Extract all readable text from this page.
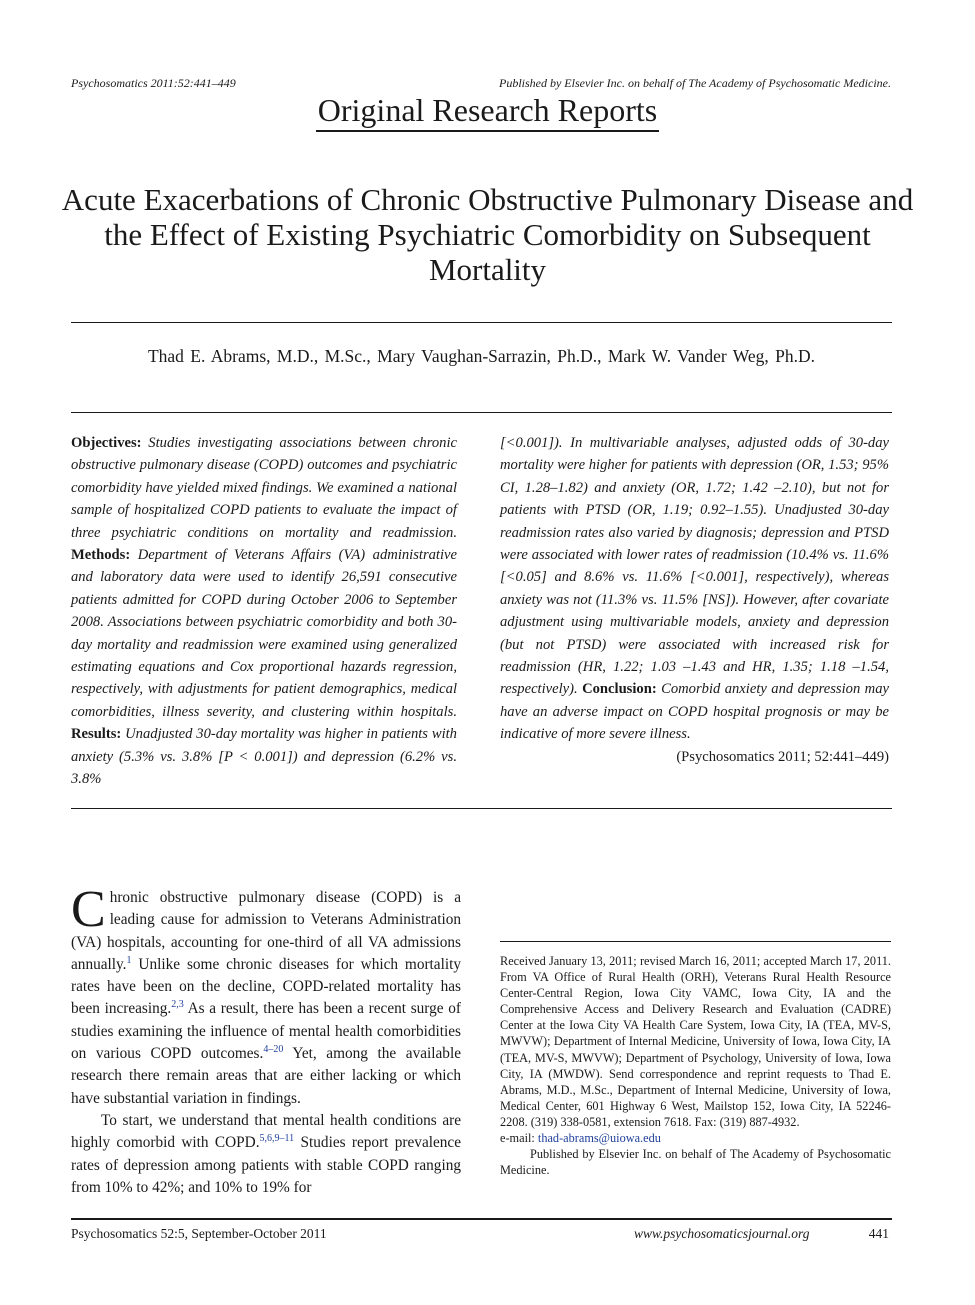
Psychosomatics 2011:52:441–449	Published by Elsevier Inc. on behalf of The Academy of Psychosomatic Medicine.
Original Research Reports
Acute Exacerbations of Chronic Obstructive Pulmonary Disease and the Effect of Existing Psychiatric Comorbidity on Subsequent Mortality
Thad E. Abrams, M.D., M.Sc., Mary Vaughan-Sarrazin, Ph.D., Mark W. Vander Weg, Ph.D.
Objectives: Studies investigating associations between chronic obstructive pulmonary disease (COPD) outcomes and psychiatric comorbidity have yielded mixed findings. We examined a national sample of hospitalized COPD patients to evaluate the impact of three psychiatric conditions on mortality and readmission. Methods: Department of Veterans Affairs (VA) administrative and laboratory data were used to identify 26,591 consecutive patients admitted for COPD during October 2006 to September 2008. Associations between psychiatric comorbidity and both 30-day mortality and readmission were examined using generalized estimating equations and Cox proportional hazards regression, respectively, with adjustments for patient demographics, medical comorbidities, illness severity, and clustering within hospitals. Results: Unadjusted 30-day mortality was higher in patients with anxiety (5.3% vs. 3.8% [P < 0.001]) and depression (6.2% vs. 3.8%
[<0.001]). In multivariable analyses, adjusted odds of 30-day mortality were higher for patients with depression (OR, 1.53; 95% CI, 1.28–1.82) and anxiety (OR, 1.72; 1.42 –2.10), but not for patients with PTSD (OR, 1.19; 0.92–1.55). Unadjusted 30-day readmission rates also varied by diagnosis; depression and PTSD were associated with lower rates of readmission (10.4% vs. 11.6% [<0.05] and 8.6% vs. 11.6% [<0.001], respectively), whereas anxiety was not (11.3% vs. 11.5% [NS]). However, after covariate adjustment using multivariable models, anxiety and depression (but not PTSD) were associated with increased risk for readmission (HR, 1.22; 1.03 –1.43 and HR, 1.35; 1.18 –1.54, respectively). Conclusion: Comorbid anxiety and depression may have an adverse impact on COPD hospital prognosis or may be indicative of more severe illness.
(Psychosomatics 2011; 52:441–449)

Chronic obstructive pulmonary disease (COPD) is a leading cause for admission to Veterans Administration (VA) hospitals, accounting for one-third of all VA admissions annually.$^1$ Unlike some chronic diseases for which mortality rates have been on the decline, COPD-related mortality has been increasing.$^{2,3}$ As a result, there has been a recent surge of studies examining the influence of mental health comorbidities on various COPD outcomes.$^{4-20}$ Yet, among the available research there remain areas that are either lacking or which have substantial variation in findings.

To start, we understand that mental health conditions are highly comorbid with COPD.$^{5,6,9-11}$ Studies report prevalence rates of depression among patients with stable COPD ranging from 10% to 42%; and 10% to 19% for

Received January 13, 2011; revised March 16, 2011; accepted March 17, 2011. From VA Office of Rural Health (ORH), Veterans Rural Health Resource Center-Central Region, Iowa City VAMC, Iowa City, IA and the Comprehensive Access and Delivery Research and Evaluation (CADRE) Center at the Iowa City VA Health Care System, Iowa City, IA (TEA, MV-S, MWVW); Department of Internal Medicine, University of Iowa, Iowa City, IA (TEA, MV-S, MWVW); Department of Psychology, University of Iowa, Iowa City, IA (MWDW). Send correspondence and reprint requests to Thad E. Abrams, M.D., M.Sc., Department of Internal Medicine, University of Iowa, Medical Center, 601 Highway 6 West, Mailstop 152, Iowa City, IA 52246-2208. (319) 338-0581, extension 7618. Fax: (319) 887-4932.

e-mail: thad-abrams@uiowa.edu

Published by Elsevier Inc. on behalf of The Academy of Psychosomatic Medicine.

Psychosomatics 52:5, September-October 2011	www.psychosomaticsjournal.org	441
